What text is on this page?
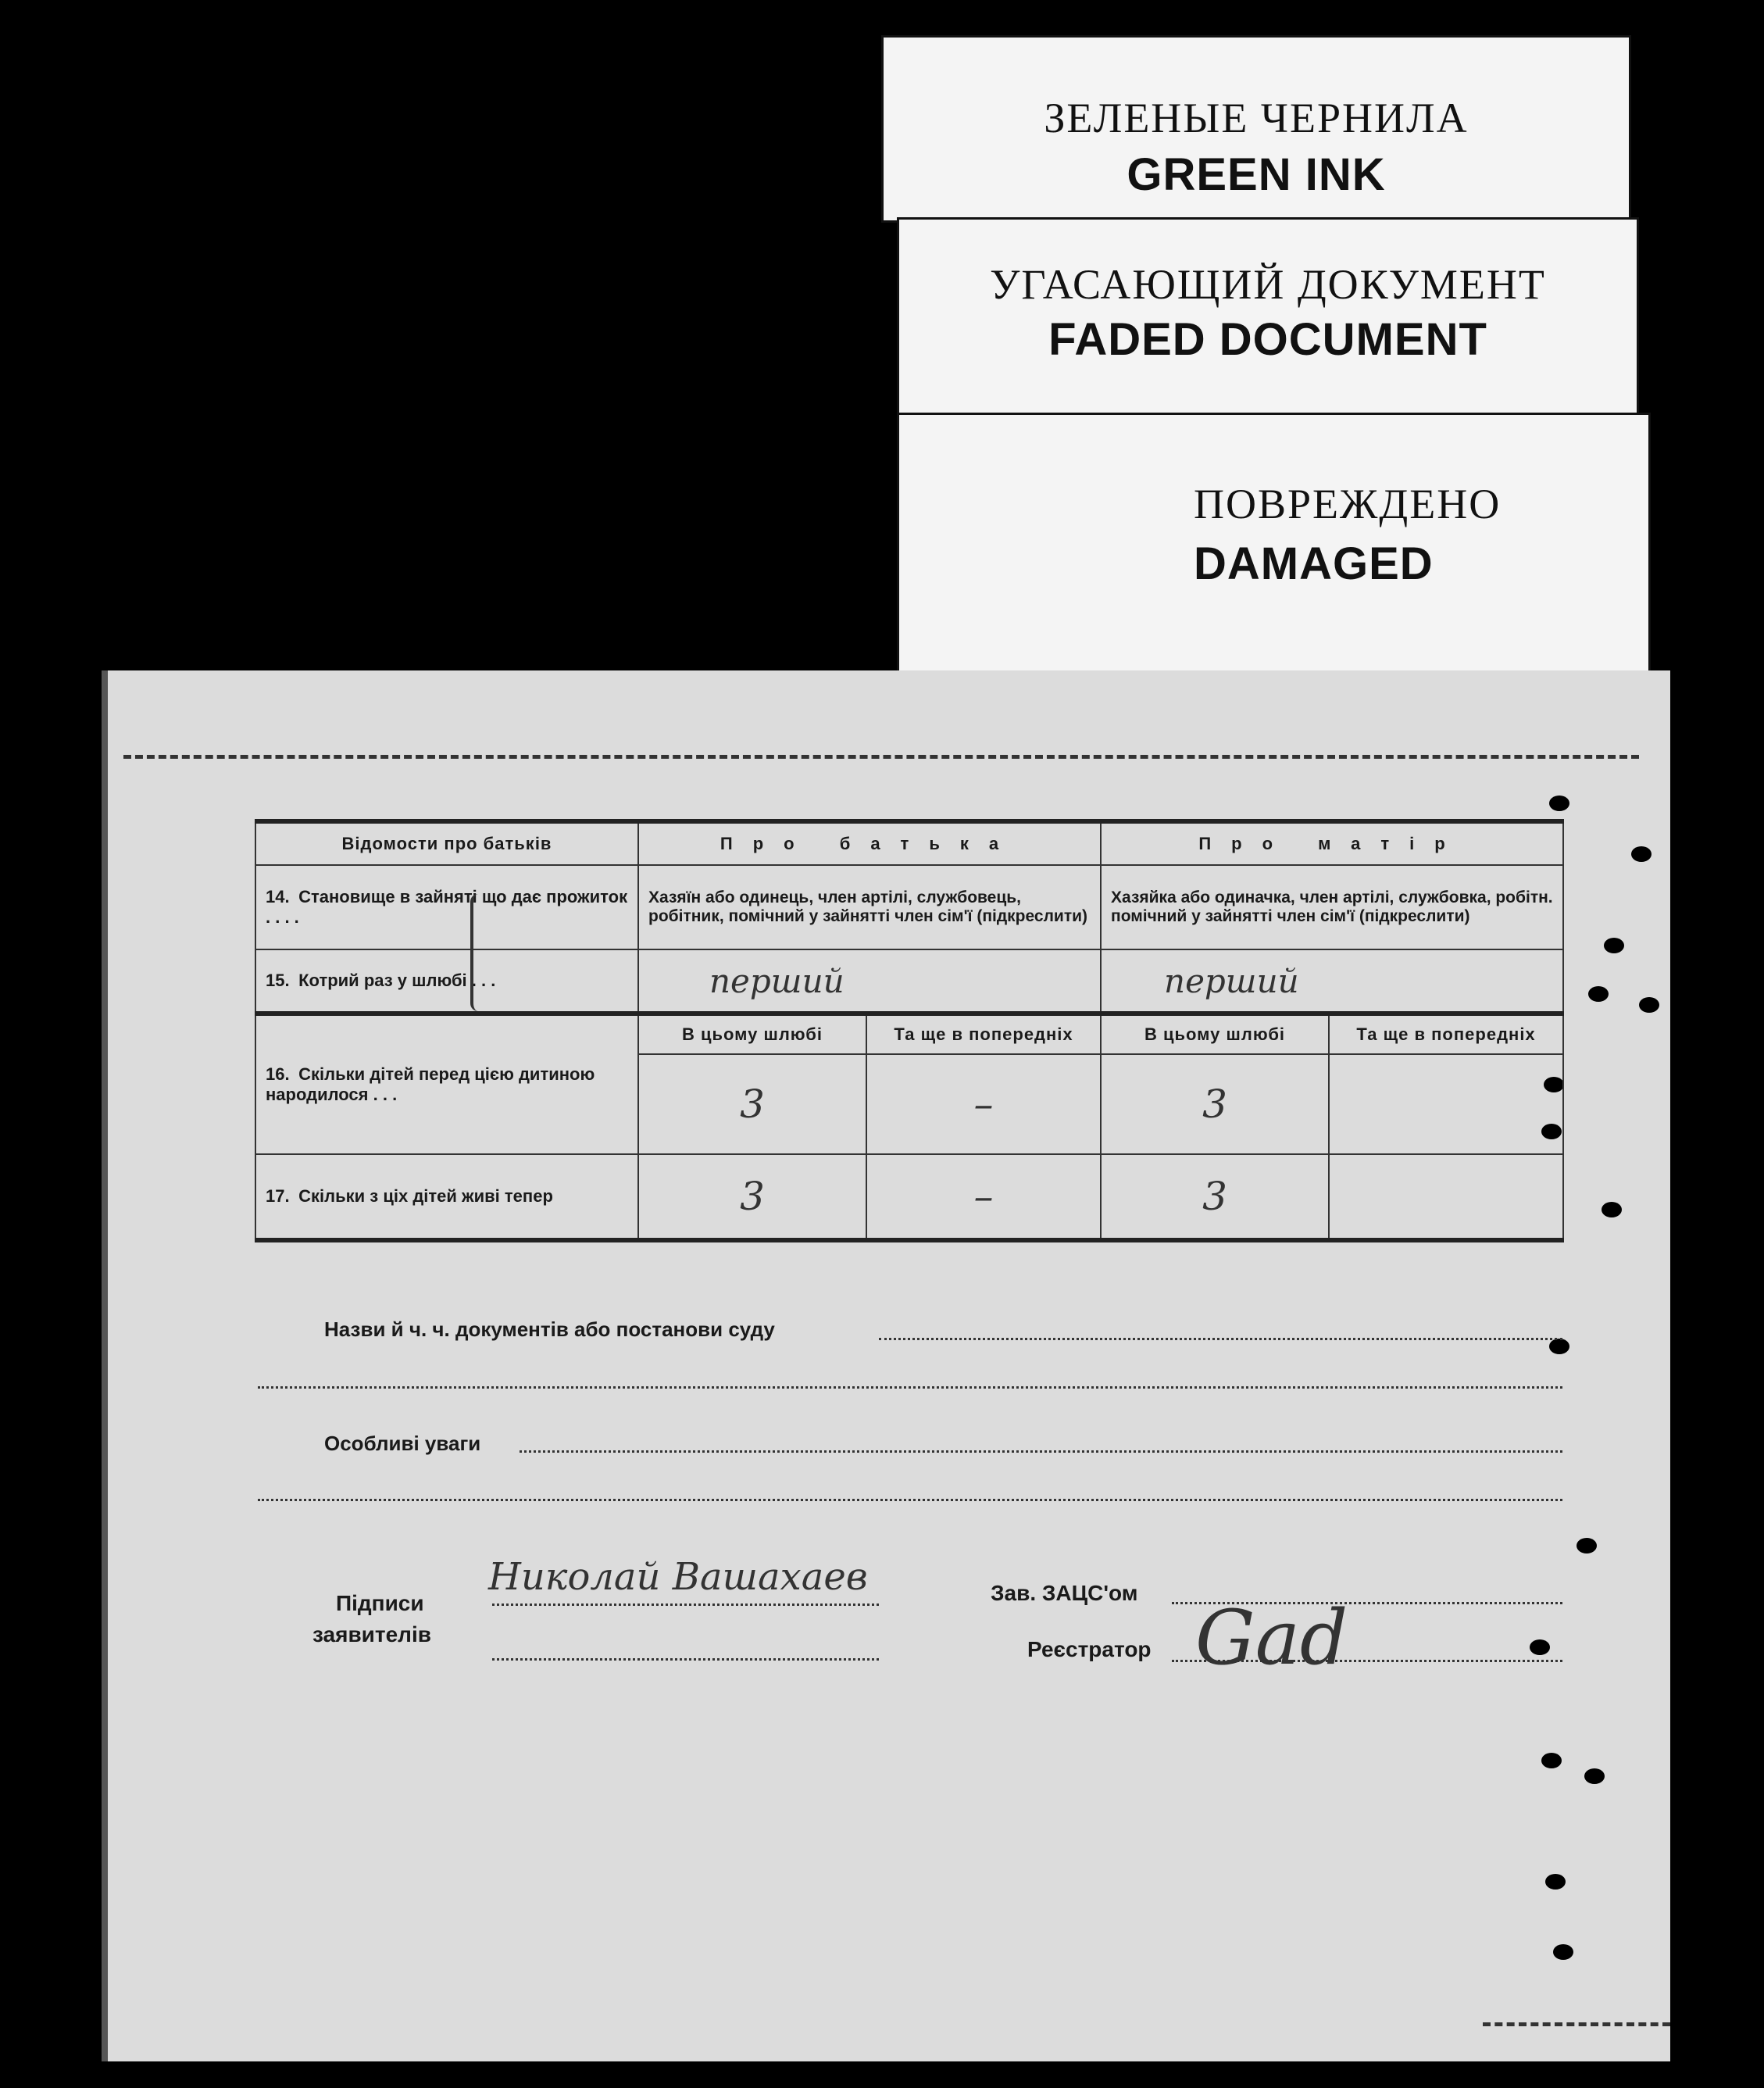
ЗЕЛЕНЫЕ ЧЕРНИЛА
GREEN INK
УГАСАЮЩИЙ ДОКУМЕНТ
FADED DOCUMENT
ПОВРЕЖДЕНО
DAMAGED
Відомости про батьків	Про батька		Про матір	
14. Становище в зайняті що дає прожиток . . . .	Хазяїн або одинець, член артілі, службовець, робітник, помічний у зайнятті член сім'ї (підкреслити)		Хазяйка або одиначка, член артілі, службовка, робітн. помічний у зайнятті член сім'ї (підкреслити)	
15. Котрий раз у шлюбі . . .	перший		перший	
16. Скільки дітей перед цією дитиною народилося . . .	В цьому шлюбі	Та ще в попередніх	В цьому шлюбі	Та ще в попередніх
	3	–	3	
17. Скільки з ціх дітей живі тепер	3	–	3	
Назви й ч. ч. документів або постанови суду
Особливі уваги
Підписи
заявителів
Николай Вашахаев	Зав. ЗАЦС'ом
Реєстратор Gad
